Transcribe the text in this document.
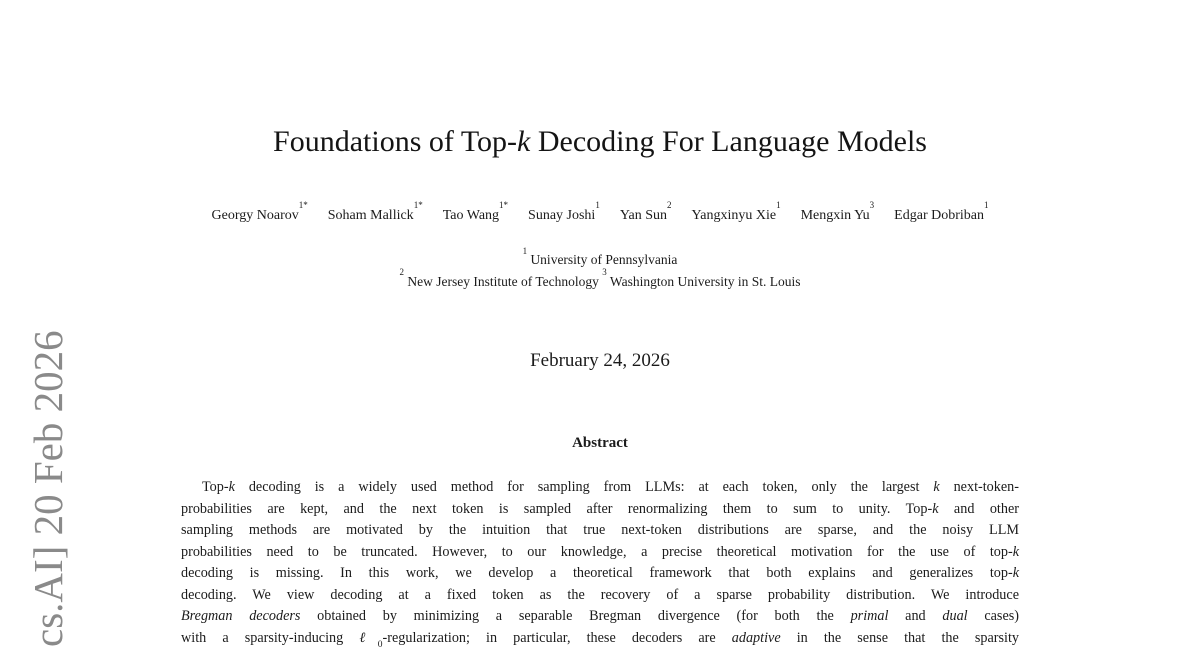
cs.AI] 20 Feb 2026
Foundations of Top-k Decoding For Language Models
Georgy Noarov$^{1*}$Soham Mallick$^{1*}$Tao Wang$^{1*}$Sunay Joshi$^1$Yan Sun$^2$Yangxinyu Xie$^1$Mengxin Yu$^3$Edgar Dobriban$^1$
$^1$ University of Pennsylvania
$^2$ New Jersey Institute of Technology $^3$ Washington University in St. Louis
February 24, 2026
Abstract
Top-k decoding is a widely used method for sampling from LLMs: at each token, only the largest k next-token-
probabilities are kept, and the next token is sampled after renormalizing them to sum to unity. Top-k and other
sampling methods are motivated by the intuition that true next-token distributions are sparse, and the noisy LLM
probabilities need to be truncated. However, to our knowledge, a precise theoretical motivation for the use of top-k
decoding is missing. In this work, we develop a theoretical framework that both explains and generalizes top-k
decoding. We view decoding at a fixed token as the recovery of a sparse probability distribution. We introduce
Bregman decoders obtained by minimizing a separable Bregman divergence (for both the primal and dual cases)
with a sparsity-inducing ℓ$_0$-regularization; in particular, these decoders are adaptive in the sense that the sparsity
